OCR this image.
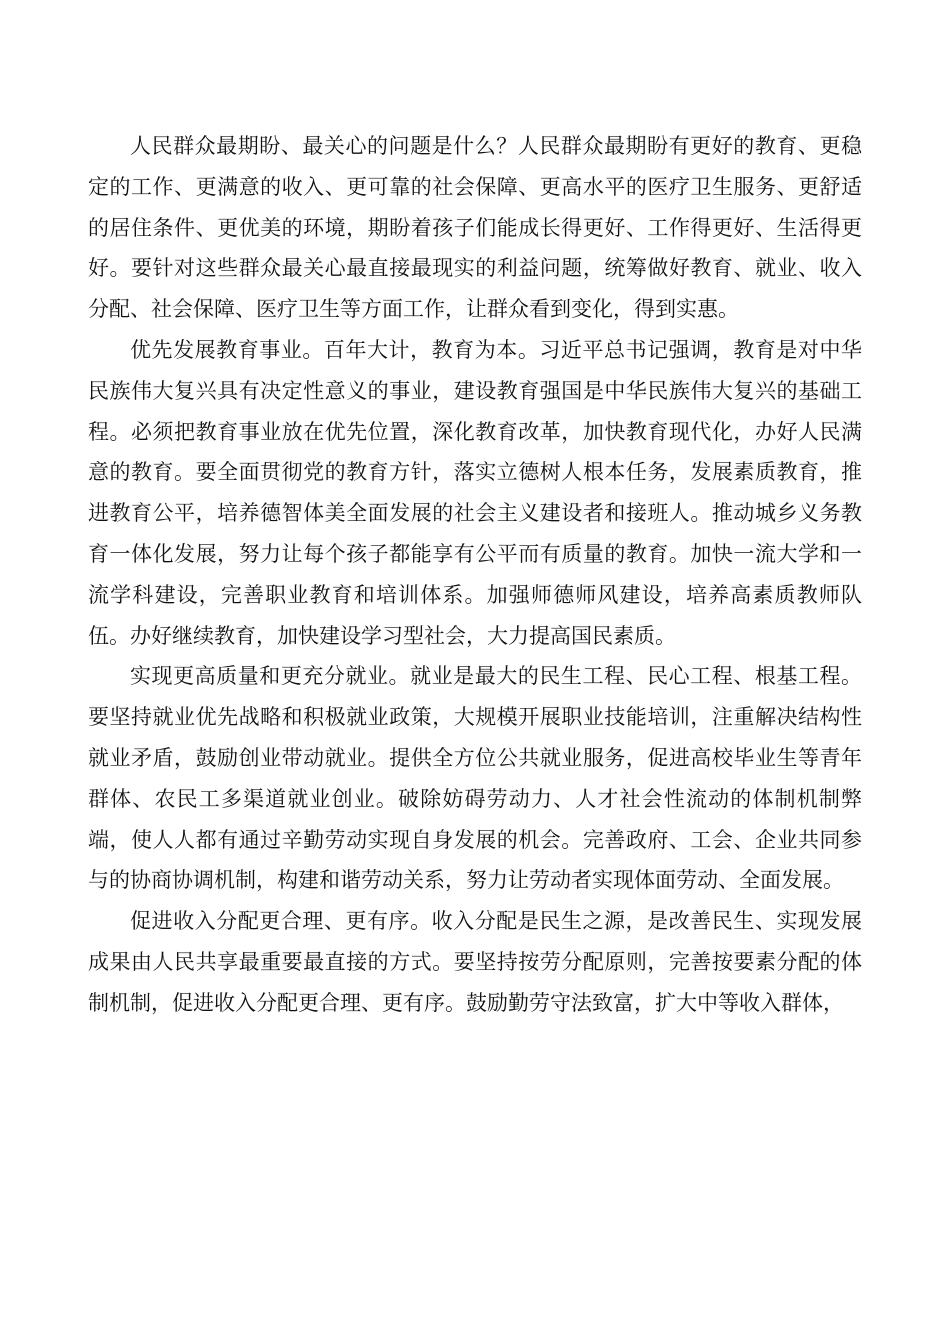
人民群众最期盼、最关心的问题是什么？人民群众最期盼有更好的教育、更稳定的工作、更满意的收入、更可靠的社会保障、更高水平的医疗卫生服务、更舒适的居住条件、更优美的环境，期盼着孩子们能成长得更好、工作得更好、生活得更好。要针对这些群众最关心最直接最现实的利益问题，统筹做好教育、就业、收入分配、社会保障、医疗卫生等方面工作，让群众看到变化，得到实惠。

优先发展教育事业。百年大计，教育为本。习近平总书记强调，教育是对中华民族伟大复兴具有决定性意义的事业，建设教育强国是中华民族伟大复兴的基础工程。必须把教育事业放在优先位置，深化教育改革，加快教育现代化，办好人民满意的教育。要全面贯彻党的教育方针，落实立德树人根本任务，发展素质教育，推进教育公平，培养德智体美全面发展的社会主义建设者和接班人。推动城乡义务教育一体化发展，努力让每个孩子都能享有公平而有质量的教育。加快一流大学和一流学科建设，完善职业教育和培训体系。加强师德师风建设，培养高素质教师队伍。办好继续教育，加快建设学习型社会，大力提高国民素质。

实现更高质量和更充分就业。就业是最大的民生工程、民心工程、根基工程。要坚持就业优先战略和积极就业政策，大规模开展职业技能培训，注重解决结构性就业矛盾，鼓励创业带动就业。提供全方位公共就业服务，促进高校毕业生等青年群体、农民工多渠道就业创业。破除妨碍劳动力、人才社会性流动的体制机制弊端，使人人都有通过辛勤劳动实现自身发展的机会。完善政府、工会、企业共同参与的协商协调机制，构建和谐劳动关系，努力让劳动者实现体面劳动、全面发展。

促进收入分配更合理、更有序。收入分配是民生之源，是改善民生、实现发展成果由人民共享最重要最直接的方式。要坚持按劳分配原则，完善按要素分配的体制机制，促进收入分配更合理、更有序。鼓励勤劳守法致富，扩大中等收入群体，
